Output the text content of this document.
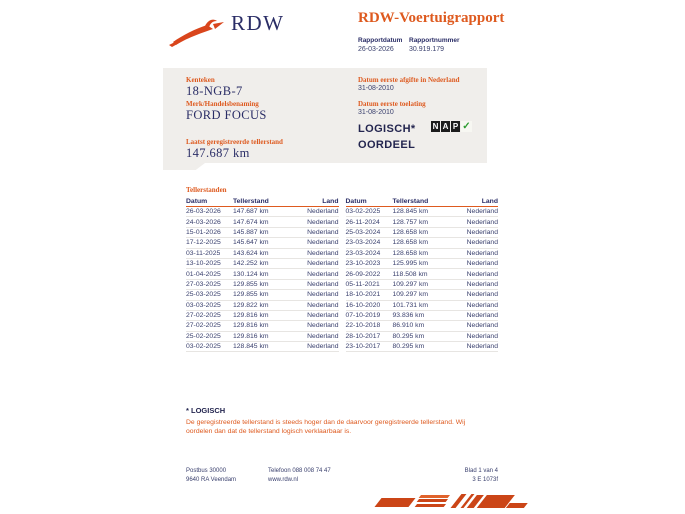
RDW	RDW-Voertuigrapport
Rapportdatum
26-03-2026
Rapportnummer
30.919.179
Kenteken
18-NGB-7
Merk/Handelsbenaming
FORD FOCUS
Laatst geregistreerde tellerstand
147.687 km
Datum eerste afgifte in Nederland
31-08-2010
Datum eerste toelating
31-08-2010
LOGISCH*
OORDEEL
N A P ✓
Tellerstanden
Datum	Tellerstand	Land
26-03-2026	147.687 km	Nederland
24-03-2026	147.674 km	Nederland
15-01-2026	145.887 km	Nederland
17-12-2025	145.647 km	Nederland
03-11-2025	143.624 km	Nederland
13-10-2025	142.252 km	Nederland
01-04-2025	130.124 km	Nederland
27-03-2025	129.855 km	Nederland
25-03-2025	129.855 km	Nederland
03-03-2025	129.822 km	Nederland
27-02-2025	129.816 km	Nederland
27-02-2025	129.816 km	Nederland
25-02-2025	129.816 km	Nederland
03-02-2025	128.845 km	Nederland
Datum	Tellerstand	Land
03-02-2025	128.845 km	Nederland
26-11-2024	128.757 km	Nederland
25-03-2024	128.658 km	Nederland
23-03-2024	128.658 km	Nederland
23-03-2024	128.658 km	Nederland
23-10-2023	125.995 km	Nederland
26-09-2022	118.508 km	Nederland
05-11-2021	109.297 km	Nederland
18-10-2021	109.297 km	Nederland
16-10-2020	101.731 km	Nederland
07-10-2019	93.836 km	Nederland
22-10-2018	86.910 km	Nederland
28-10-2017	80.295 km	Nederland
23-10-2017	80.295 km	Nederland
* LOGISCH
De geregistreerde tellerstand is steeds hoger dan de daarvoor geregistreerde tellerstand. Wij oordelen dan dat de tellerstand logisch verklaarbaar is.
Postbus 30000
9640 RA Veendam
Telefoon 088 008 74 47
www.rdw.nl
Blad 1 van 4
3 E 1073f
